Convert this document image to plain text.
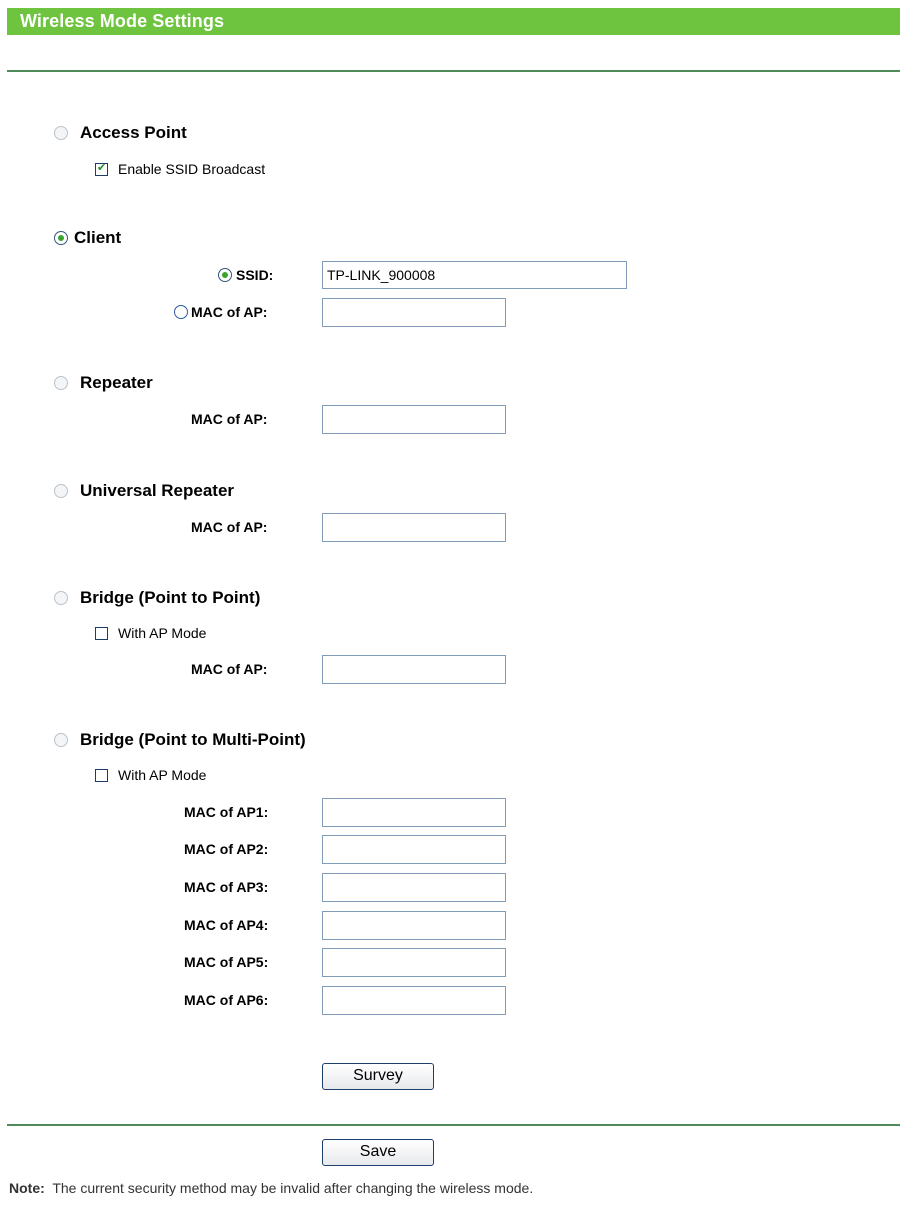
Wireless Mode Settings
Access Point
✔
Enable SSID Broadcast
Client
SSID:	TP-LINK_900008
MAC of AP:
Repeater
MAC of AP:
Universal Repeater
MAC of AP:
Bridge (Point to Point)
With AP Mode
MAC of AP:
Bridge (Point to Multi-Point)
With AP Mode
MAC of AP1:
MAC of AP2:
MAC of AP3:
MAC of AP4:
MAC of AP5:
MAC of AP6:
Survey
Save
Note: The current security method may be invalid after changing the wireless mode.
